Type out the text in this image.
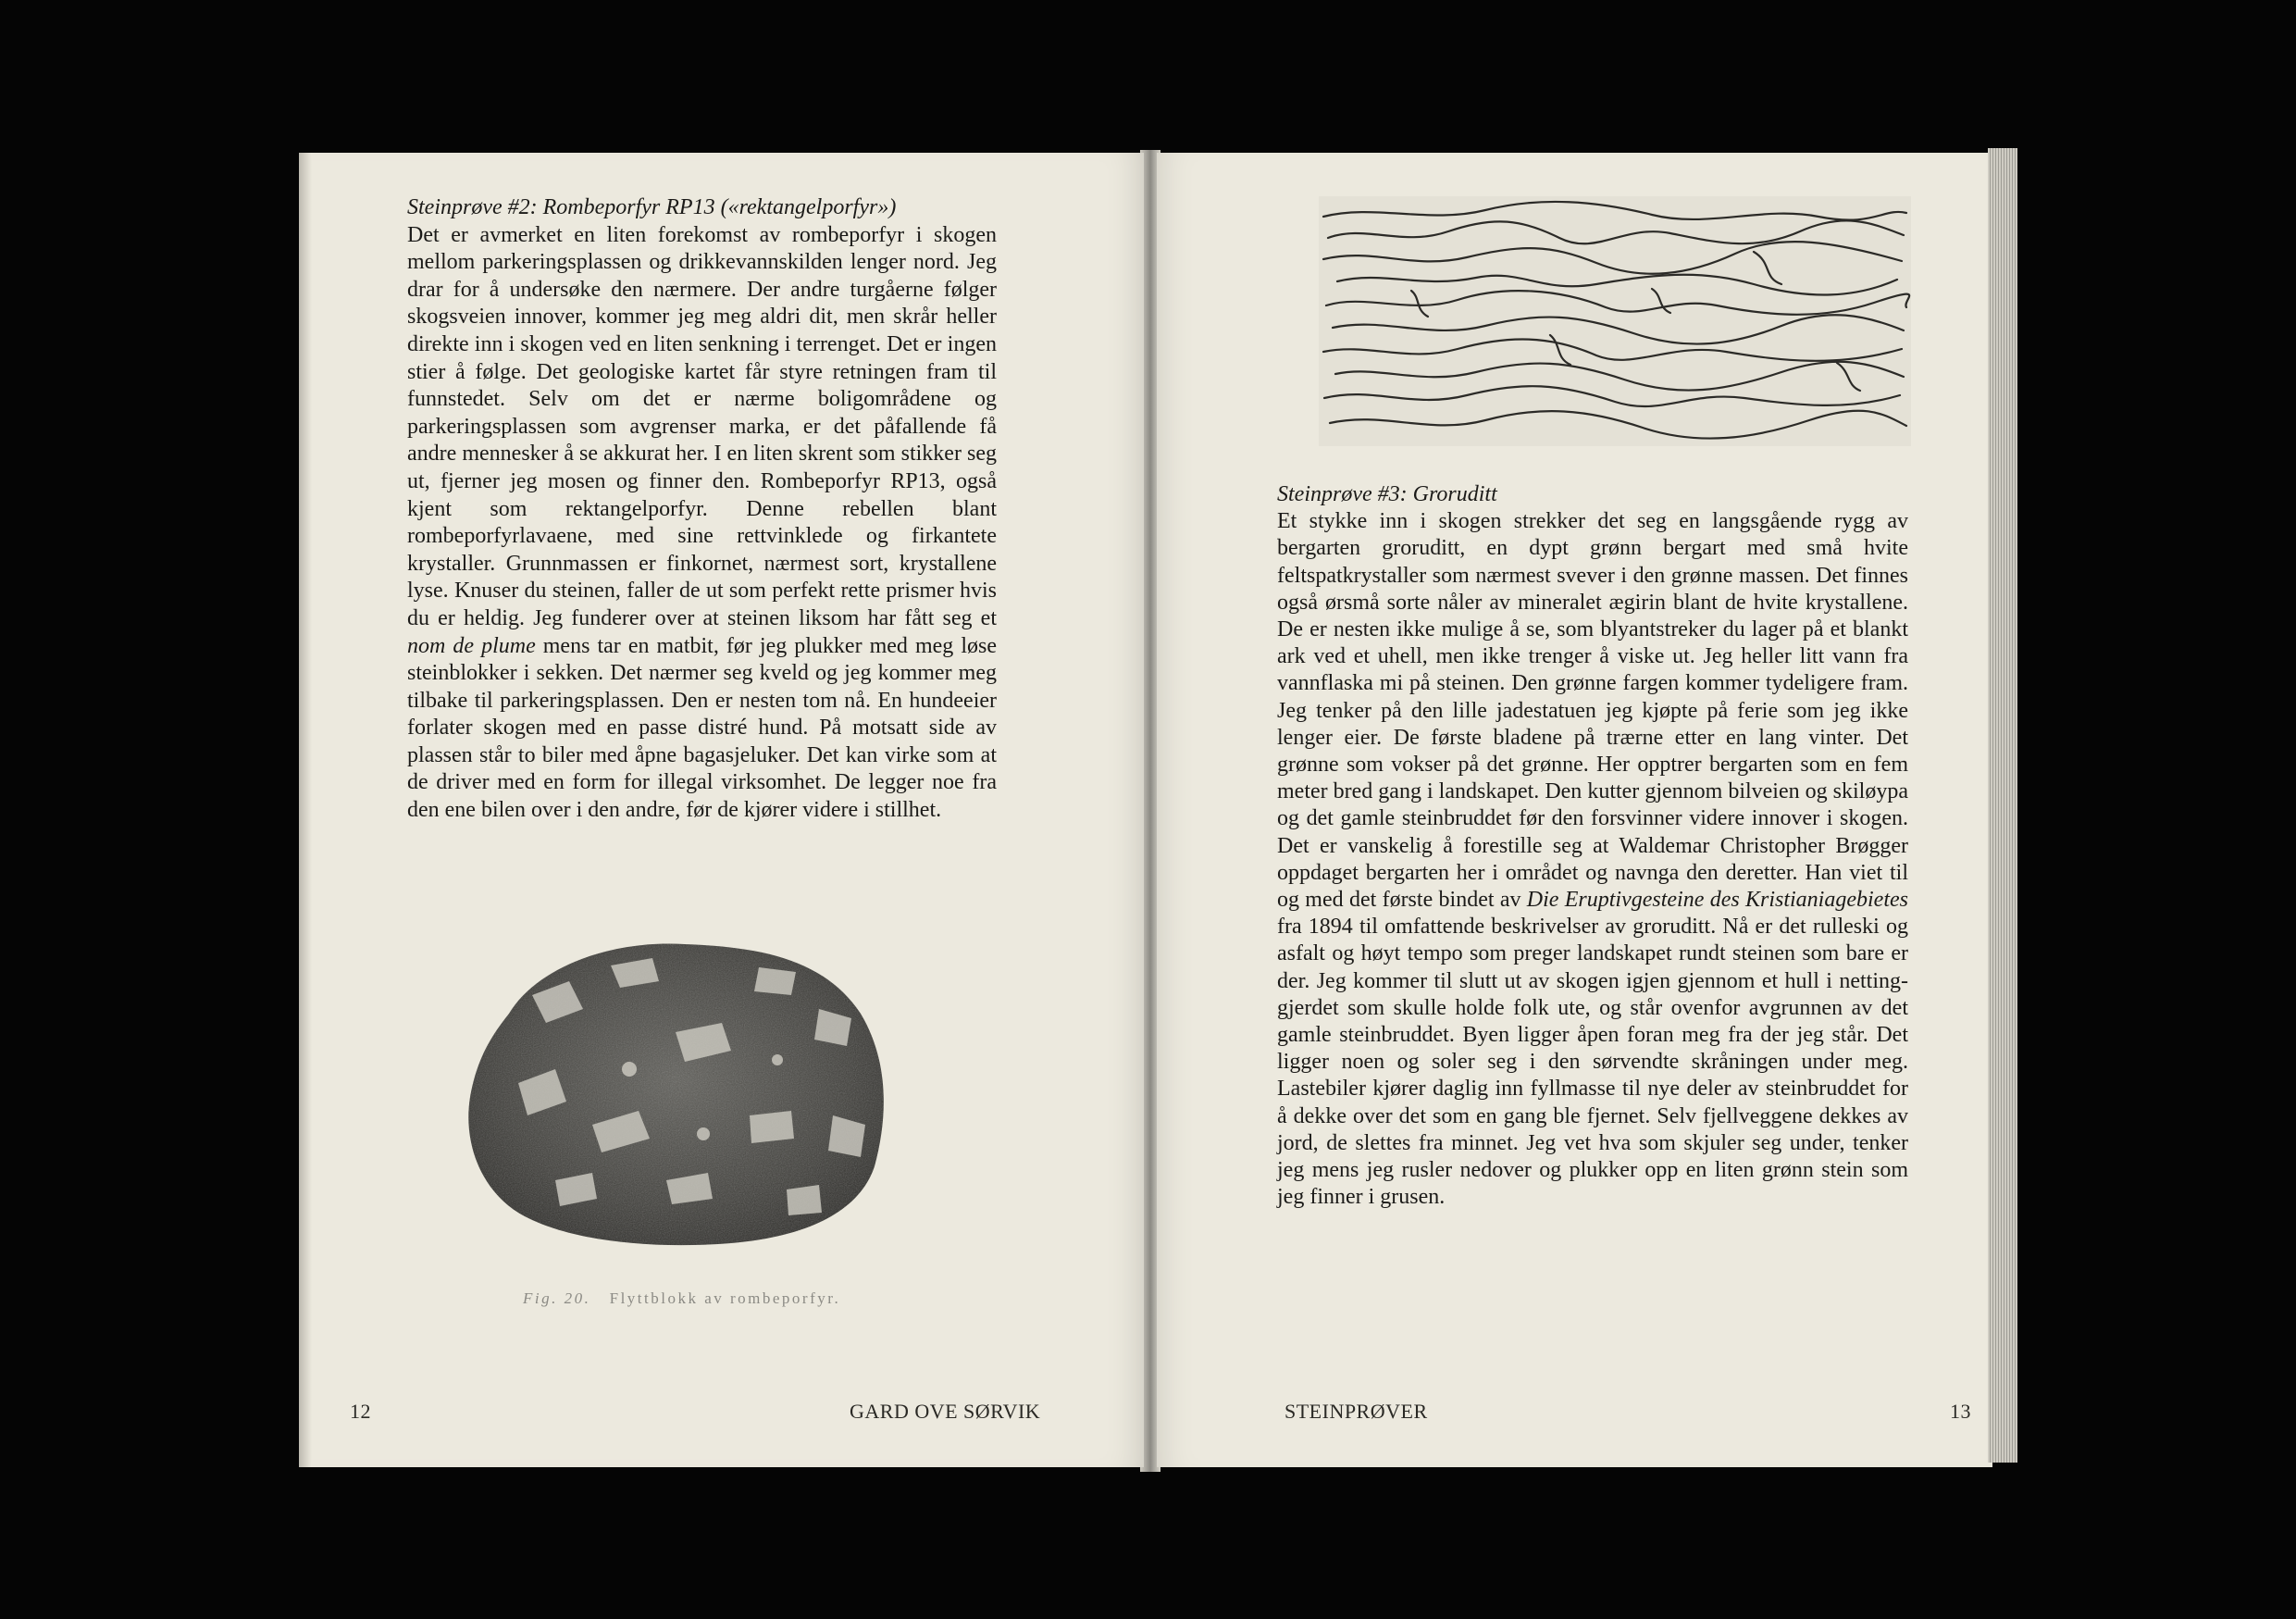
Steinprøve #2: Rombeporfyr RP13 («rektangelporfyr»)
Det er avmerket en liten forekomst av rombeporfyr i skogen mellom parkeringsplassen og drikkevannskilden lenger nord. Jeg drar for å undersøke den nærmere. Der andre turgåerne følger skogsveien innover, kommer jeg meg aldri dit, men skrår heller direkte inn i skogen ved en liten senkning i terrenget. Det er ingen stier å følge. Det geologiske kartet får styre retningen fram til funnstedet. Selv om det er nærme boligområdene og parkeringsplassen som avgrenser marka, er det påfallende få andre mennesker å se akkurat her. I en liten skrent som stikker seg ut, fjerner jeg mosen og finner den. Rombeporfyr RP13, også kjent som rektangelporfyr. Denne rebellen blant rombeporfyrlavaene, med sine rettvinklede og firkantete krystaller. Grunnmassen er finkornet, nærmest sort, krystallene lyse. Knuser du steinen, faller de ut som perfekt rette prismer hvis du er heldig. Jeg funderer over at steinen liksom har fått seg et nom de plume mens tar en matbit, før jeg plukker med meg løse steinblokker i sekken. Det nærmer seg kveld og jeg kommer meg tilbake til parkeringsplassen. Den er nesten tom nå. En hundeeier forlater skogen med en passe distré hund. På motsatt side av plassen står to biler med åpne bagasjeluker. Det kan virke som at de driver med en form for illegal virksomhet. De legger noe fra den ene bilen over i den andre, før de kjører videre i stillhet.

Fig. 20. Flyttblokk av rombeporfyr.
12	GARD OVE SØRVIK

Steinprøve #3: Groruditt
Et stykke inn i skogen strekker det seg en langsgående rygg av bergarten groruditt, en dypt grønn bergart med små hvite feltspatkrystaller som nærmest svever i den grønne massen. Det finnes også ørsmå sorte nåler av mineralet ægirin blant de hvite krystallene. De er nesten ikke mulige å se, som blyantstreker du lager på et blankt ark ved et uhell, men ikke trenger å viske ut. Jeg heller litt vann fra vannflaska mi på steinen. Den grønne fargen kommer tydeligere fram. Jeg tenker på den lille jadestatuen jeg kjøpte på ferie som jeg ikke lenger eier. De første bladene på trærne etter en lang vinter. Det grønne som vokser på det grønne. Her opptrer bergarten som en fem meter bred gang i landskapet. Den kutter gjennom bilveien og skiløypa og det gamle steinbruddet før den forsvinner videre innover i skogen. Det er vanskelig å forestille seg at Waldemar Christopher Brøgger oppdaget bergarten her i området og navnga den deretter. Han viet til og med det første bindet av Die Eruptivgesteine des Kristianiagebietes fra 1894 til omfattende beskrivelser av groruditt. Nå er det rulleski og asfalt og høyt tempo som preger landskapet rundt steinen som bare er der. Jeg kommer til slutt ut av skogen igjen gjennom et hull i nettinggjerdet som skulle holde folk ute, og står ovenfor avgrunnen av det gamle steinbruddet. Byen ligger åpen foran meg fra der jeg står. Det ligger noen og soler seg i den sørvendte skråningen under meg. Lastebiler kjører daglig inn fyllmasse til nye deler av steinbruddet for å dekke over det som en gang ble fjernet. Selv fjellveggene dekkes av jord, de slettes fra minnet. Jeg vet hva som skjuler seg under, tenker jeg mens jeg rusler nedover og plukker opp en liten grønn stein som jeg finner i grusen.

STEINPRØVER	13
